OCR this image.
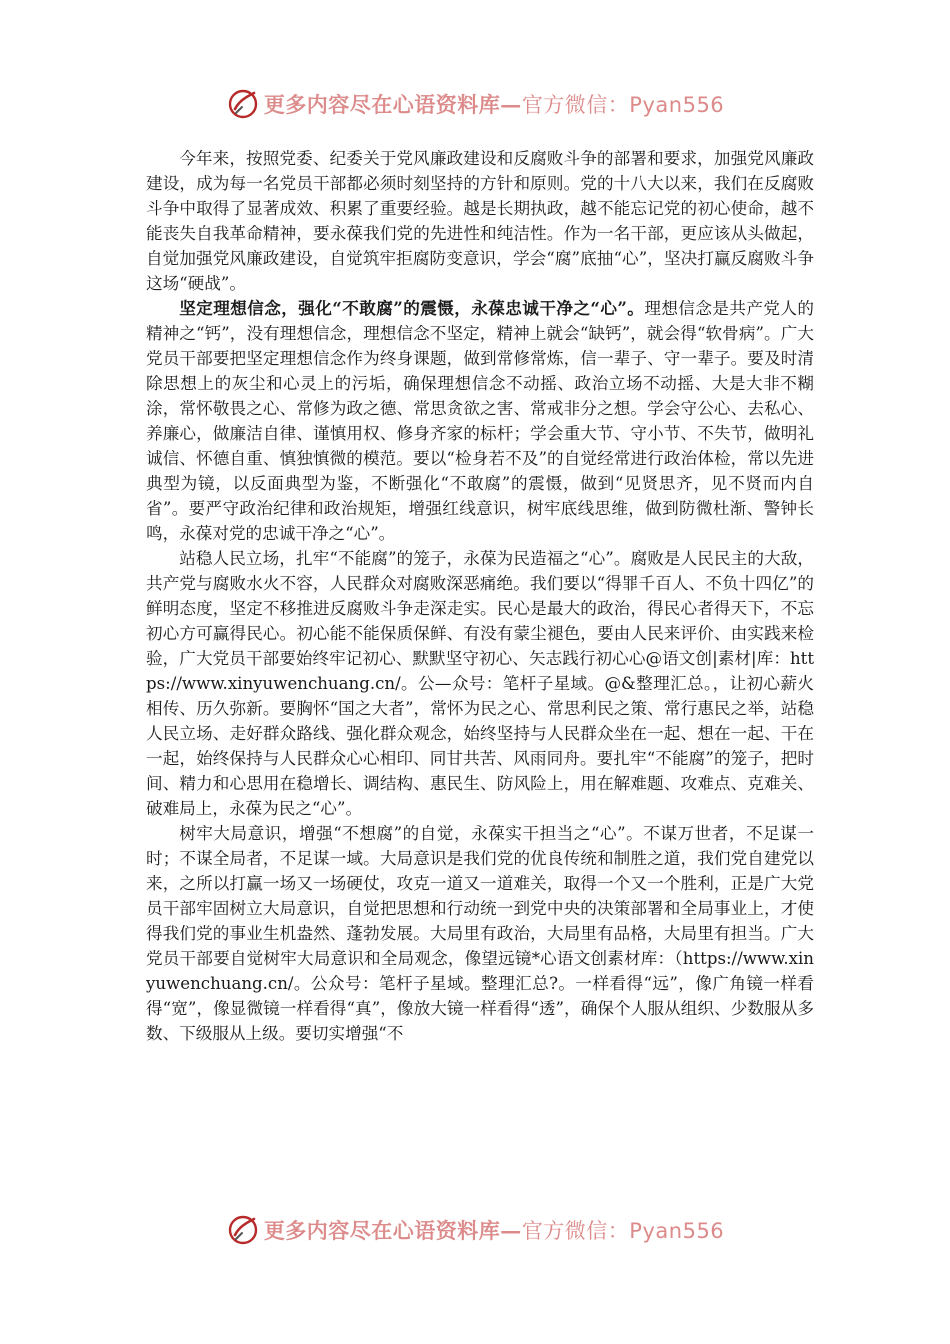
更多内容尽在心语资料库—官方微信：Pyan556

今年来，按照党委、纪委关于党风廉政建设和反腐败斗争的部署和要求，加强党风廉政建设，成为每一名党员干部都必须时刻坚持的方针和原则。党的十八大以来，我们在反腐败斗争中取得了显著成效、积累了重要经验。越是长期执政，越不能忘记党的初心使命，越不能丧失自我革命精神，要永葆我们党的先进性和纯洁性。作为一名干部，更应该从头做起，自觉加强党风廉政建设，自觉筑牢拒腐防变意识，学会“腐”底抽“心”，坚决打赢反腐败斗争这场“硬战”。

坚定理想信念，强化“不敢腐”的震慑，永葆忠诚干净之“心”。理想信念是共产党人的精神之“钙”，没有理想信念，理想信念不坚定，精神上就会“缺钙”，就会得“软骨病”。广大党员干部要把坚定理想信念作为终身课题，做到常修常炼，信一辈子、守一辈子。要及时清除思想上的灰尘和心灵上的污垢，确保理想信念不动摇、政治立场不动摇、大是大非不糊涂，常怀敬畏之心、常修为政之德、常思贪欲之害、常戒非分之想。学会守公心、去私心、养廉心，做廉洁自律、谨慎用权、修身齐家的标杆；学会重大节、守小节、不失节，做明礼诚信、怀德自重、慎独慎微的模范。要以“检身若不及”的自觉经常进行政治体检，常以先进典型为镜，以反面典型为鉴，不断强化“不敢腐”的震慑，做到“见贤思齐，见不贤而内自省”。要严守政治纪律和政治规矩，增强红线意识，树牢底线思维，做到防微杜渐、警钟长鸣，永葆对党的忠诚干净之“心”。

站稳人民立场，扎牢“不能腐”的笼子，永葆为民造福之“心”。腐败是人民民主的大敌，共产党与腐败水火不容，人民群众对腐败深恶痛绝。我们要以“得罪千百人、不负十四亿”的鲜明态度，坚定不移推进反腐败斗争走深走实。民心是最大的政治，得民心者得天下，不忘初心方可赢得民心。初心能不能保质保鲜、有没有蒙尘褪色，要由人民来评价、由实践来检验，广大党员干部要始终牢记初心、默默坚守初心、矢志践行初心心@语文创|素材|库：https://www.xinyuwenchuang.cn/。公—众号：笔杆子星域。@&整理汇总。，让初心薪火相传、历久弥新。要胸怀“国之大者”，常怀为民之心、常思利民之策、常行惠民之举，站稳人民立场、走好群众路线、强化群众观念，始终坚持与人民群众坐在一起、想在一起、干在一起，始终保持与人民群众心心相印、同甘共苦、风雨同舟。要扎牢“不能腐”的笼子，把时间、精力和心思用在稳增长、调结构、惠民生、防风险上，用在解难题、攻难点、克难关、破难局上，永葆为民之“心”。

树牢大局意识，增强“不想腐”的自觉，永葆实干担当之“心”。不谋万世者，不足谋一时；不谋全局者，不足谋一域。大局意识是我们党的优良传统和制胜之道，我们党自建党以来，之所以打赢一场又一场硬仗，攻克一道又一道难关，取得一个又一个胜利，正是广大党员干部牢固树立大局意识，自觉把思想和行动统一到党中央的决策部署和全局事业上，才使得我们党的事业生机盎然、蓬勃发展。大局里有政治，大局里有品格，大局里有担当。广大党员干部要自觉树牢大局意识和全局观念，像望远镜*心语文创素材库：（https://www.xinyuwenchuang.cn/。公众号：笔杆子星域。整理汇总?。一样看得“远”，像广角镜一样看得“宽”，像显微镜一样看得“真”，像放大镜一样看得“透”，确保个人服从组织、少数服从多数、下级服从上级。要切实增强“不

更多内容尽在心语资料库—官方微信：Pyan556
